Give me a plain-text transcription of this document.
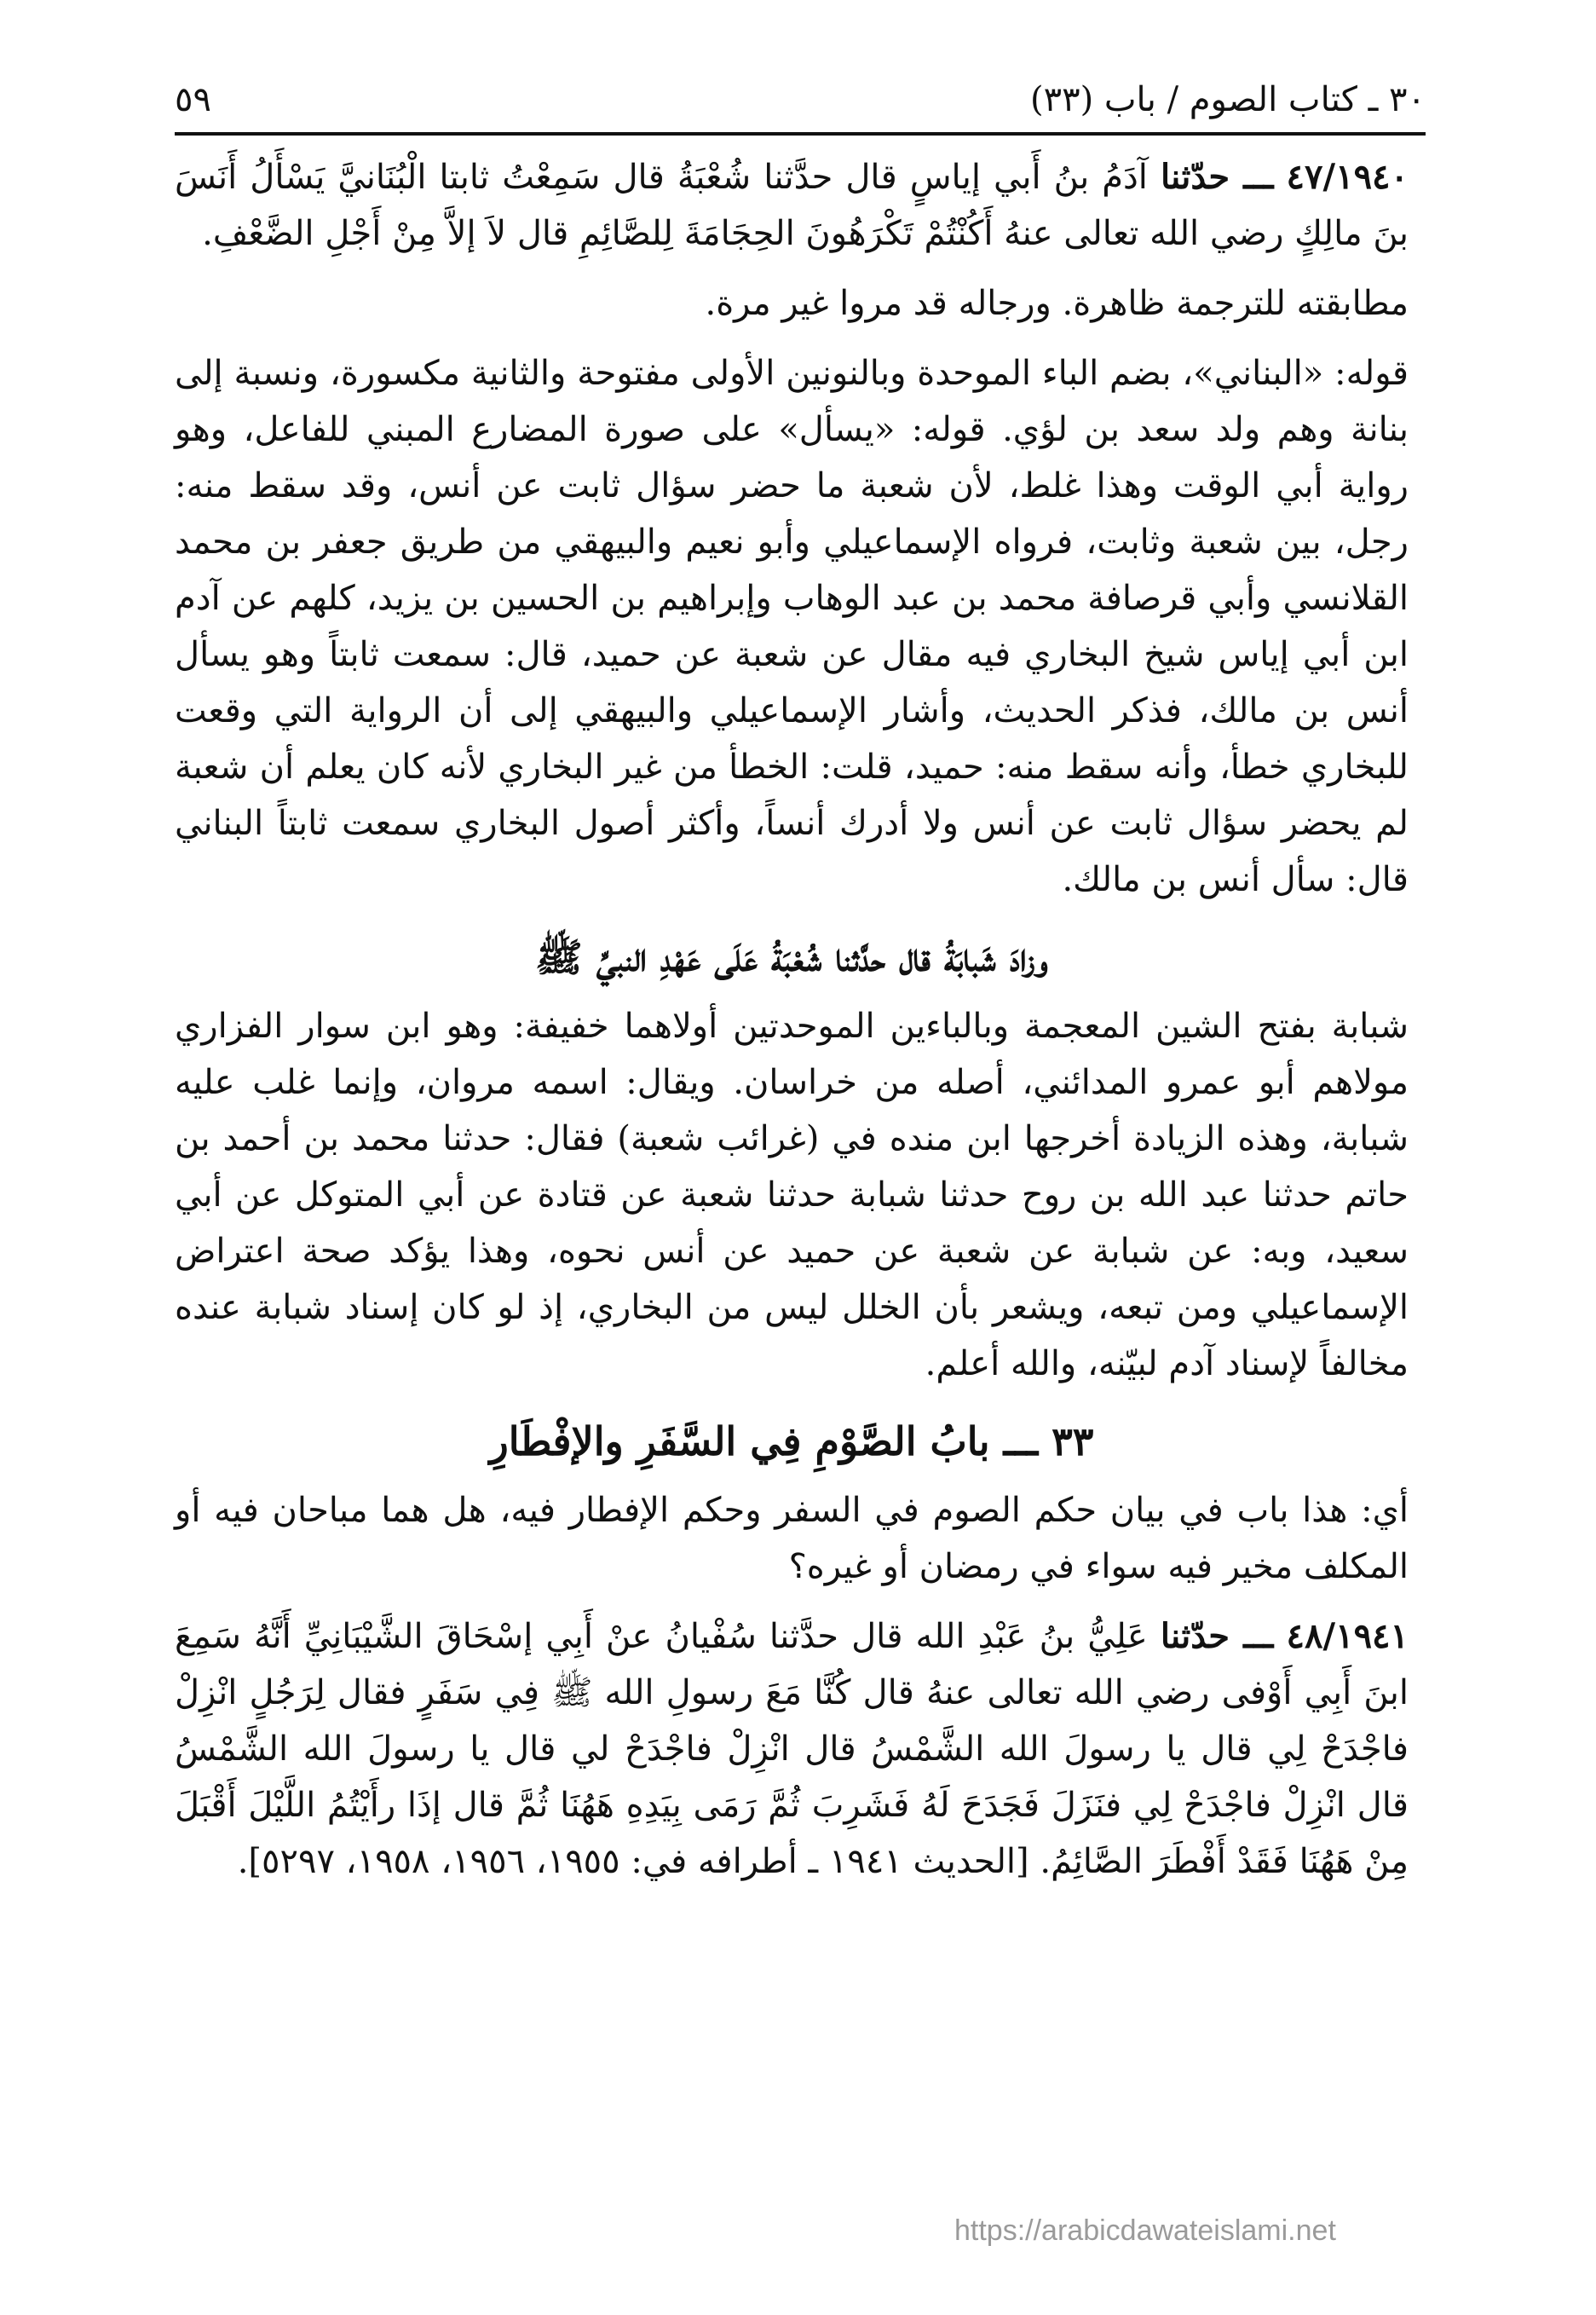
٣٠ ـ كتاب الصوم / باب (٣٣)
٥٩

٤٧/١٩٤٠ ـــ حدّثنا آدَمُ بنُ أَبي إياسٍ قال حدَّثنا شُعْبَةُ قال سَمِعْتُ ثابتا الْبُنَانيَّ يَسْأَلُ أَنَسَ بنَ مالِكٍ رضي الله تعالى عنهُ أَكُنْتُمْ تَكْرَهُونَ الحِجَامَةَ لِلصَّائِمِ قال لاَ إلاَّ مِنْ أَجْلِ الضَّعْفِ.

مطابقته للترجمة ظاهرة. ورجاله قد مروا غير مرة.

قوله: «البناني»، بضم الباء الموحدة وبالنونين الأولى مفتوحة والثانية مكسورة، ونسبة إلى بنانة وهم ولد سعد بن لؤي. قوله: «يسأل» على صورة المضارع المبني للفاعل، وهو رواية أبي الوقت وهذا غلط، لأن شعبة ما حضر سؤال ثابت عن أنس، وقد سقط منه: رجل، بين شعبة وثابت، فرواه الإسماعيلي وأبو نعيم والبيهقي من طريق جعفر بن محمد القلانسي وأبي قرصافة محمد بن عبد الوهاب وإبراهيم بن الحسين بن يزيد، كلهم عن آدم ابن أبي إياس شيخ البخاري فيه مقال عن شعبة عن حميد، قال: سمعت ثابتاً وهو يسأل أنس بن مالك، فذكر الحديث، وأشار الإسماعيلي والبيهقي إلى أن الرواية التي وقعت للبخاري خطأ، وأنه سقط منه: حميد، قلت: الخطأ من غير البخاري لأنه كان يعلم أن شعبة لم يحضر سؤال ثابت عن أنس ولا أدرك أنساً، وأكثر أصول البخاري سمعت ثابتاً البناني قال: سأل أنس بن مالك.

وزادَ شَبابَةُ قال حدَّثنا شُعْبَةُ عَلَى عَهْدِ النبيِّ ﷺ

شبابة بفتح الشين المعجمة وبالباءين الموحدتين أولاهما خفيفة: وهو ابن سوار الفزاري مولاهم أبو عمرو المدائني، أصله من خراسان. ويقال: اسمه مروان، وإنما غلب عليه شبابة، وهذه الزيادة أخرجها ابن منده في (غرائب شعبة) فقال: حدثنا محمد بن أحمد بن حاتم حدثنا عبد الله بن روح حدثنا شبابة حدثنا شعبة عن قتادة عن أبي المتوكل عن أبي سعيد، وبه: عن شبابة عن شعبة عن حميد عن أنس نحوه، وهذا يؤكد صحة اعتراض الإسماعيلي ومن تبعه، ويشعر بأن الخلل ليس من البخاري، إذ لو كان إسناد شبابة عنده مخالفاً لإسناد آدم لبيّنه، والله أعلم.

٣٣ ـــ بابُ الصَّوْمِ فِي السَّفَرِ والإفْطَارِ

أي: هذا باب في بيان حكم الصوم في السفر وحكم الإفطار فيه، هل هما مباحان فيه أو المكلف مخير فيه سواء في رمضان أو غيره؟

٤٨/١٩٤١ ـــ حدّثنا عَلِيُّ بنُ عَبْدِ الله قال حدَّثنا سُفْيانُ عنْ أَبِي إسْحَاقَ الشَّيْبَانِيِّ أَنَّهُ سَمِعَ ابنَ أَبِي أَوْفى رضي الله تعالى عنهُ قال كُنَّا مَعَ رسولِ الله ﷺ فِي سَفَرٍ فقال لِرَجُلٍ انْزِلْ فاجْدَحْ لِي قال يا رسولَ الله الشَّمْسُ قال انْزِلْ فاجْدَحْ لي قال يا رسولَ الله الشَّمْسُ قال انْزِلْ فاجْدَحْ لِي فنَزَلَ فَجَدَحَ لَهُ فَشَرِبَ ثُمَّ رَمَى بِيَدِهِ هَهُنَا ثُمَّ قال إذَا رأَيْتُمُ اللَّيْلَ أَقْبَلَ مِنْ هَهُنَا فَقَدْ أَفْطَرَ الصَّائِمُ. [الحديث ١٩٤١ ـ أطرافه في: ١٩٥٥، ١٩٥٦، ١٩٥٨، ٥٢٩٧].

https://arabicdawateislami.net
